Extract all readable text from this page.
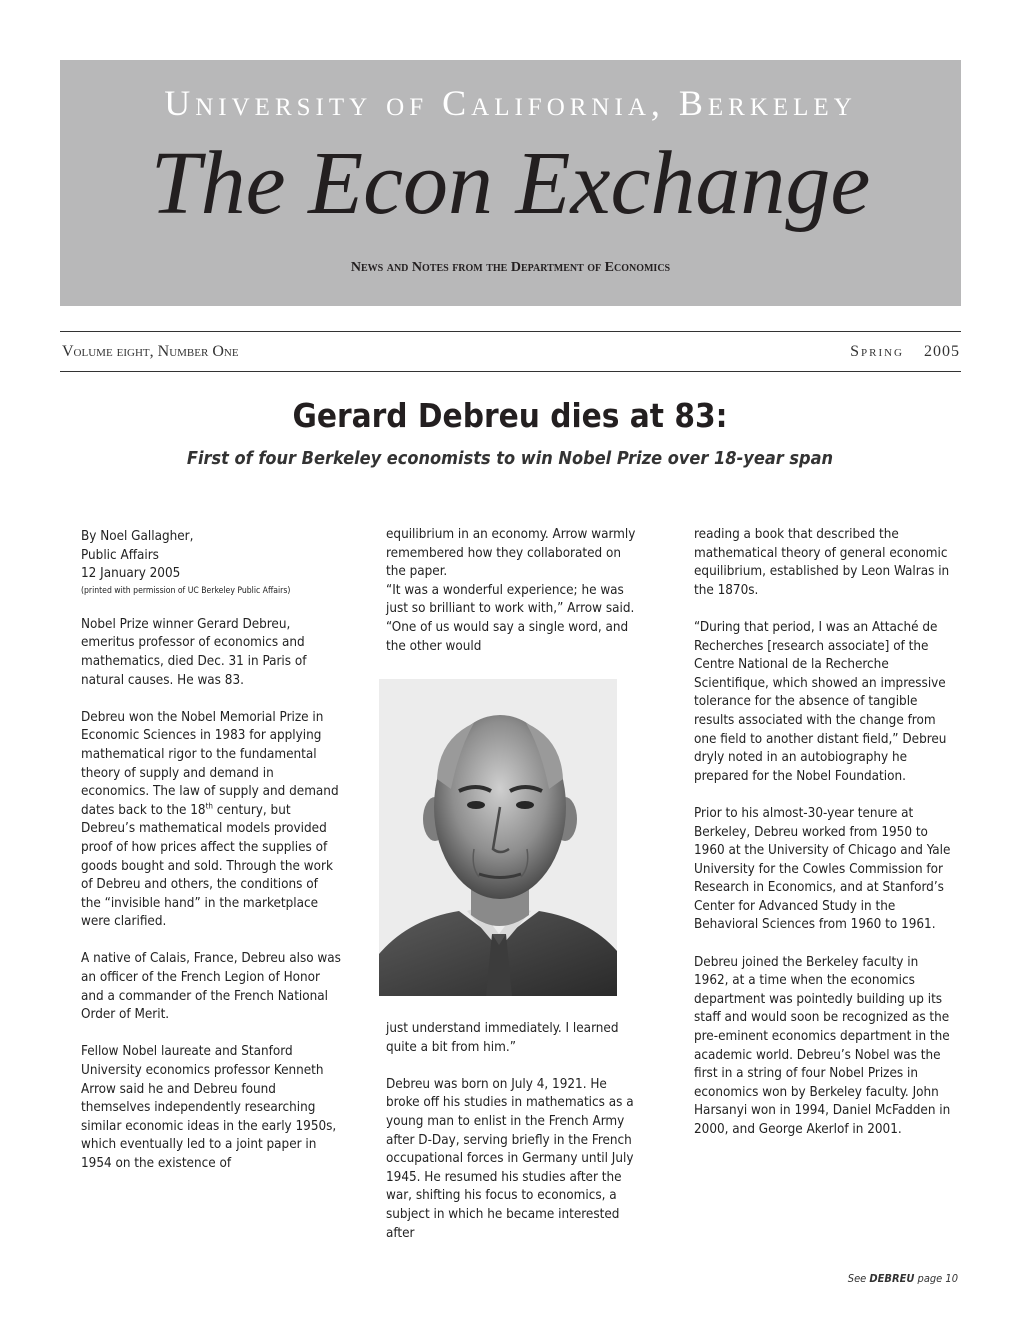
University of California, Berkeley
The Econ Exchange
News and Notes from the Department of Economics
Volume eight, Number One	Spring 2005
Gerard Debreu dies at 83:
First of four Berkeley economists to win Nobel Prize over 18-year span

By Noel Gallagher,
Public Affairs
12 January 2005

(printed with permission of UC Berkeley Public Affairs)

Nobel Prize winner Gerard Debreu, emeritus professor of economics and mathematics, died Dec. 31 in Paris of natural causes. He was 83.

Debreu won the Nobel Memorial Prize in Economic Sciences in 1983 for applying mathematical rigor to the fundamental theory of supply and demand in economics. The law of supply and demand dates back to the 18th century, but Debreu’s mathematical models provided proof of how prices affect the supplies of goods bought and sold. Through the work of Debreu and others, the conditions of the “invisible hand” in the marketplace were clarified.

A native of Calais, France, Debreu also was an officer of the French Legion of Honor and a commander of the French National Order of Merit.

Fellow Nobel laureate and Stanford University economics professor Kenneth Arrow said he and Debreu found themselves independently researching similar economic ideas in the early 1950s, which eventually led to a joint paper in 1954 on the existence of

equilibrium in an economy. Arrow warmly remembered how they collaborated on the paper.

“It was a wonderful experience; he was just so brilliant to work with,” Arrow said. “One of us would say a single word, and the other would

just understand immediately. I learned quite a bit from him.”

Debreu was born on July 4, 1921. He broke off his studies in mathematics as a young man to enlist in the French Army after D-Day, serving briefly in the French occupational forces in Germany until July 1945. He resumed his studies after the war, shifting his focus to economics, a subject in which he became interested after

reading a book that described the mathematical theory of general economic equilibrium, established by Leon Walras in the 1870s.

“During that period, I was an Attaché de Recherches [research associate] of the Centre National de la Recherche Scientifique, which showed an impressive tolerance for the absence of tangible results associated with the change from one field to another distant field,” Debreu dryly noted in an autobiography he prepared for the Nobel Foundation.

Prior to his almost-30-year tenure at Berkeley, Debreu worked from 1950 to 1960 at the University of Chicago and Yale University for the Cowles Commission for Research in Economics, and at Stanford’s Center for Advanced Study in the Behavioral Sciences from 1960 to 1961.

Debreu joined the Berkeley faculty in 1962, at a time when the economics department was pointedly building up its staff and would soon be recognized as the pre-eminent economics department in the academic world. Debreu’s Nobel was the first in a string of four Nobel Prizes in economics won by Berkeley faculty. John Harsanyi won in 1994, Daniel McFadden in 2000, and George Akerlof in 2001.

See DEBREU page 10
